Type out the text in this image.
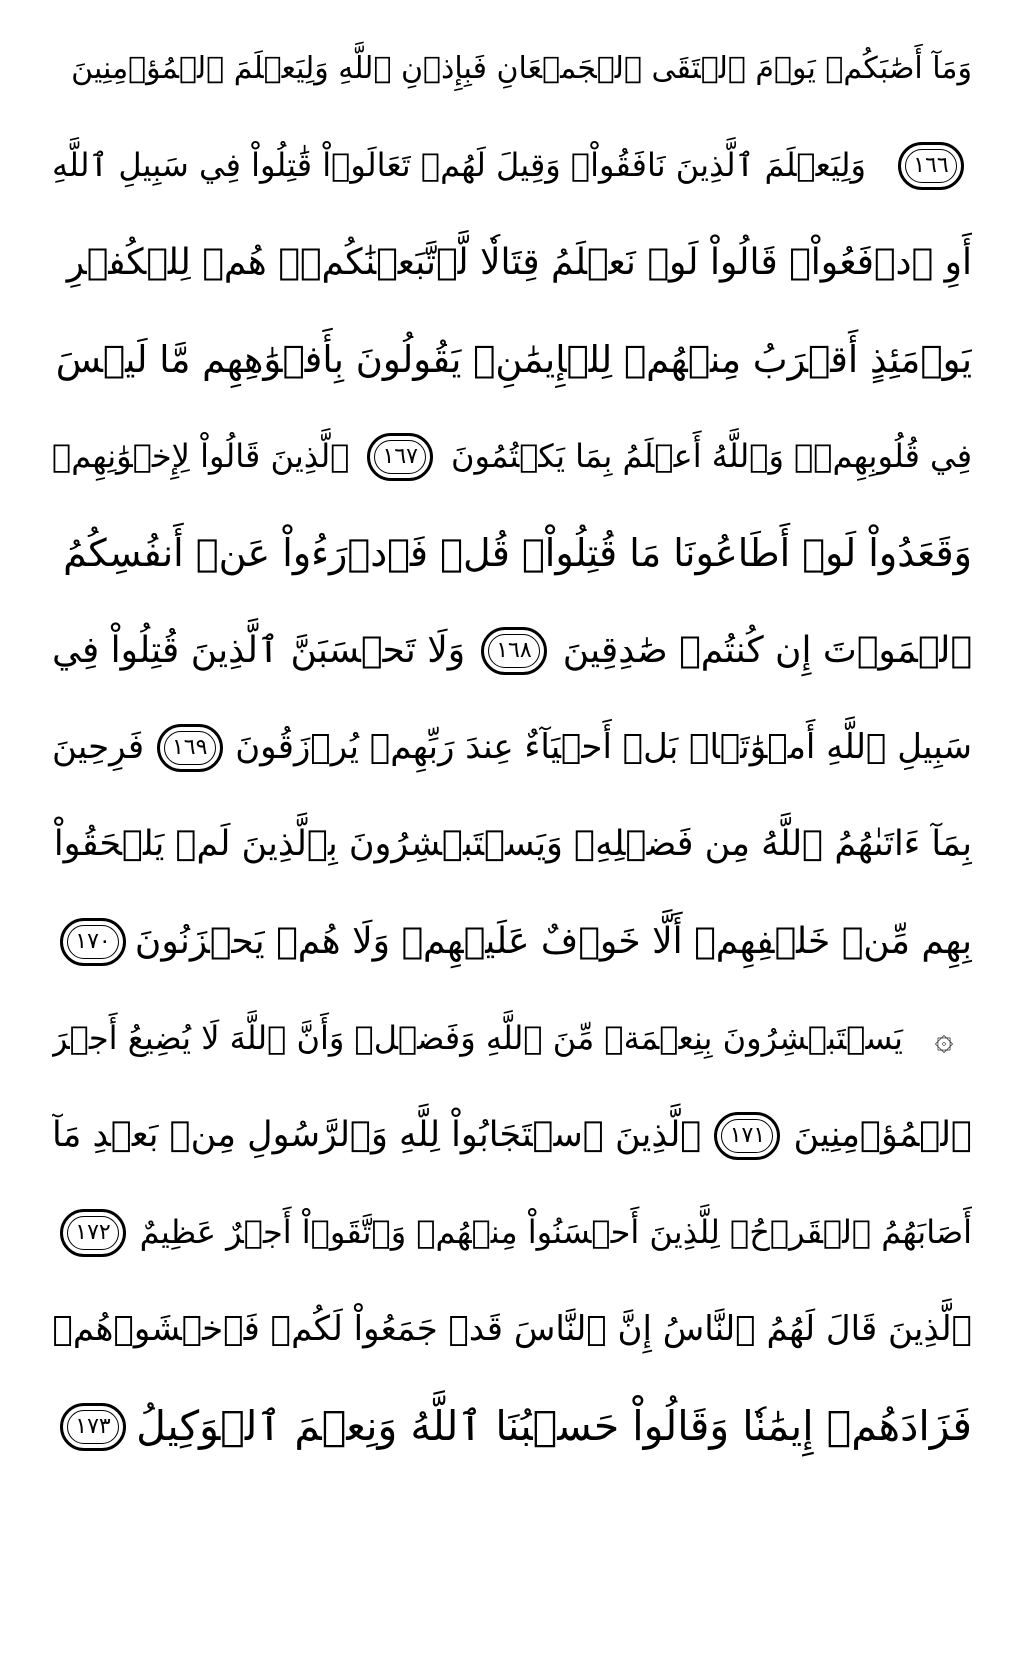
وَمَآ أَصَٰبَكُمۡ يَوۡمَ ٱلۡتَقَى ٱلۡجَمۡعَانِ فَبِإِذۡنِ ٱللَّهِ وَلِيَعۡلَمَ ٱلۡمُؤۡمِنِينَ
١٦٦
وَلِيَعۡلَمَ ٱلَّذِينَ نَافَقُواْۚ وَقِيلَ لَهُمۡ تَعَالَوۡاْ قَٰتِلُواْ فِي سَبِيلِ ٱللَّهِ
أَوِ ٱدۡفَعُواْۖ قَالُواْ لَوۡ نَعۡلَمُ قِتَالٗا لَّٱتَّبَعۡنَٰكُمۡۗ هُمۡ لِلۡكُفۡرِ
يَوۡمَئِذٍ أَقۡرَبُ مِنۡهُمۡ لِلۡإِيمَٰنِۚ يَقُولُونَ بِأَفۡوَٰهِهِم مَّا لَيۡسَ
فِي قُلُوبِهِمۡۗ وَٱللَّهُ أَعۡلَمُ بِمَا يَكۡتُمُونَ
١٦٧
ٱلَّذِينَ قَالُواْ لِإِخۡوَٰنِهِمۡ
وَقَعَدُواْ لَوۡ أَطَاعُونَا مَا قُتِلُواْۗ قُلۡ فَٱدۡرَءُواْ عَنۡ أَنفُسِكُمُ
ٱلۡمَوۡتَ إِن كُنتُمۡ صَٰدِقِينَ
١٦٨
وَلَا تَحۡسَبَنَّ ٱلَّذِينَ قُتِلُواْ فِي
سَبِيلِ ٱللَّهِ أَمۡوَٰتَۢاۚ بَلۡ أَحۡيَآءٌ عِندَ رَبِّهِمۡ يُرۡزَقُونَ
١٦٩
فَرِحِينَ
بِمَآ ءَاتَىٰهُمُ ٱللَّهُ مِن فَضۡلِهِۦ وَيَسۡتَبۡشِرُونَ بِٱلَّذِينَ لَمۡ يَلۡحَقُواْ
بِهِم مِّنۡ خَلۡفِهِمۡ أَلَّا خَوۡفٌ عَلَيۡهِمۡ وَلَا هُمۡ يَحۡزَنُونَ
١٧٠
۞
يَسۡتَبۡشِرُونَ بِنِعۡمَةٖ مِّنَ ٱللَّهِ وَفَضۡلٖ وَأَنَّ ٱللَّهَ لَا يُضِيعُ أَجۡرَ
ٱلۡمُؤۡمِنِينَ
١٧١
ٱلَّذِينَ ٱسۡتَجَابُواْ لِلَّهِ وَٱلرَّسُولِ مِنۢ بَعۡدِ مَآ
أَصَابَهُمُ ٱلۡقَرۡحُۚ لِلَّذِينَ أَحۡسَنُواْ مِنۡهُمۡ وَٱتَّقَوۡاْ أَجۡرٌ عَظِيمٌ
١٧٢
ٱلَّذِينَ قَالَ لَهُمُ ٱلنَّاسُ إِنَّ ٱلنَّاسَ قَدۡ جَمَعُواْ لَكُمۡ فَٱخۡشَوۡهُمۡ
فَزَادَهُمۡ إِيمَٰنٗا وَقَالُواْ حَسۡبُنَا ٱللَّهُ وَنِعۡمَ ٱلۡوَكِيلُ
١٧٣
